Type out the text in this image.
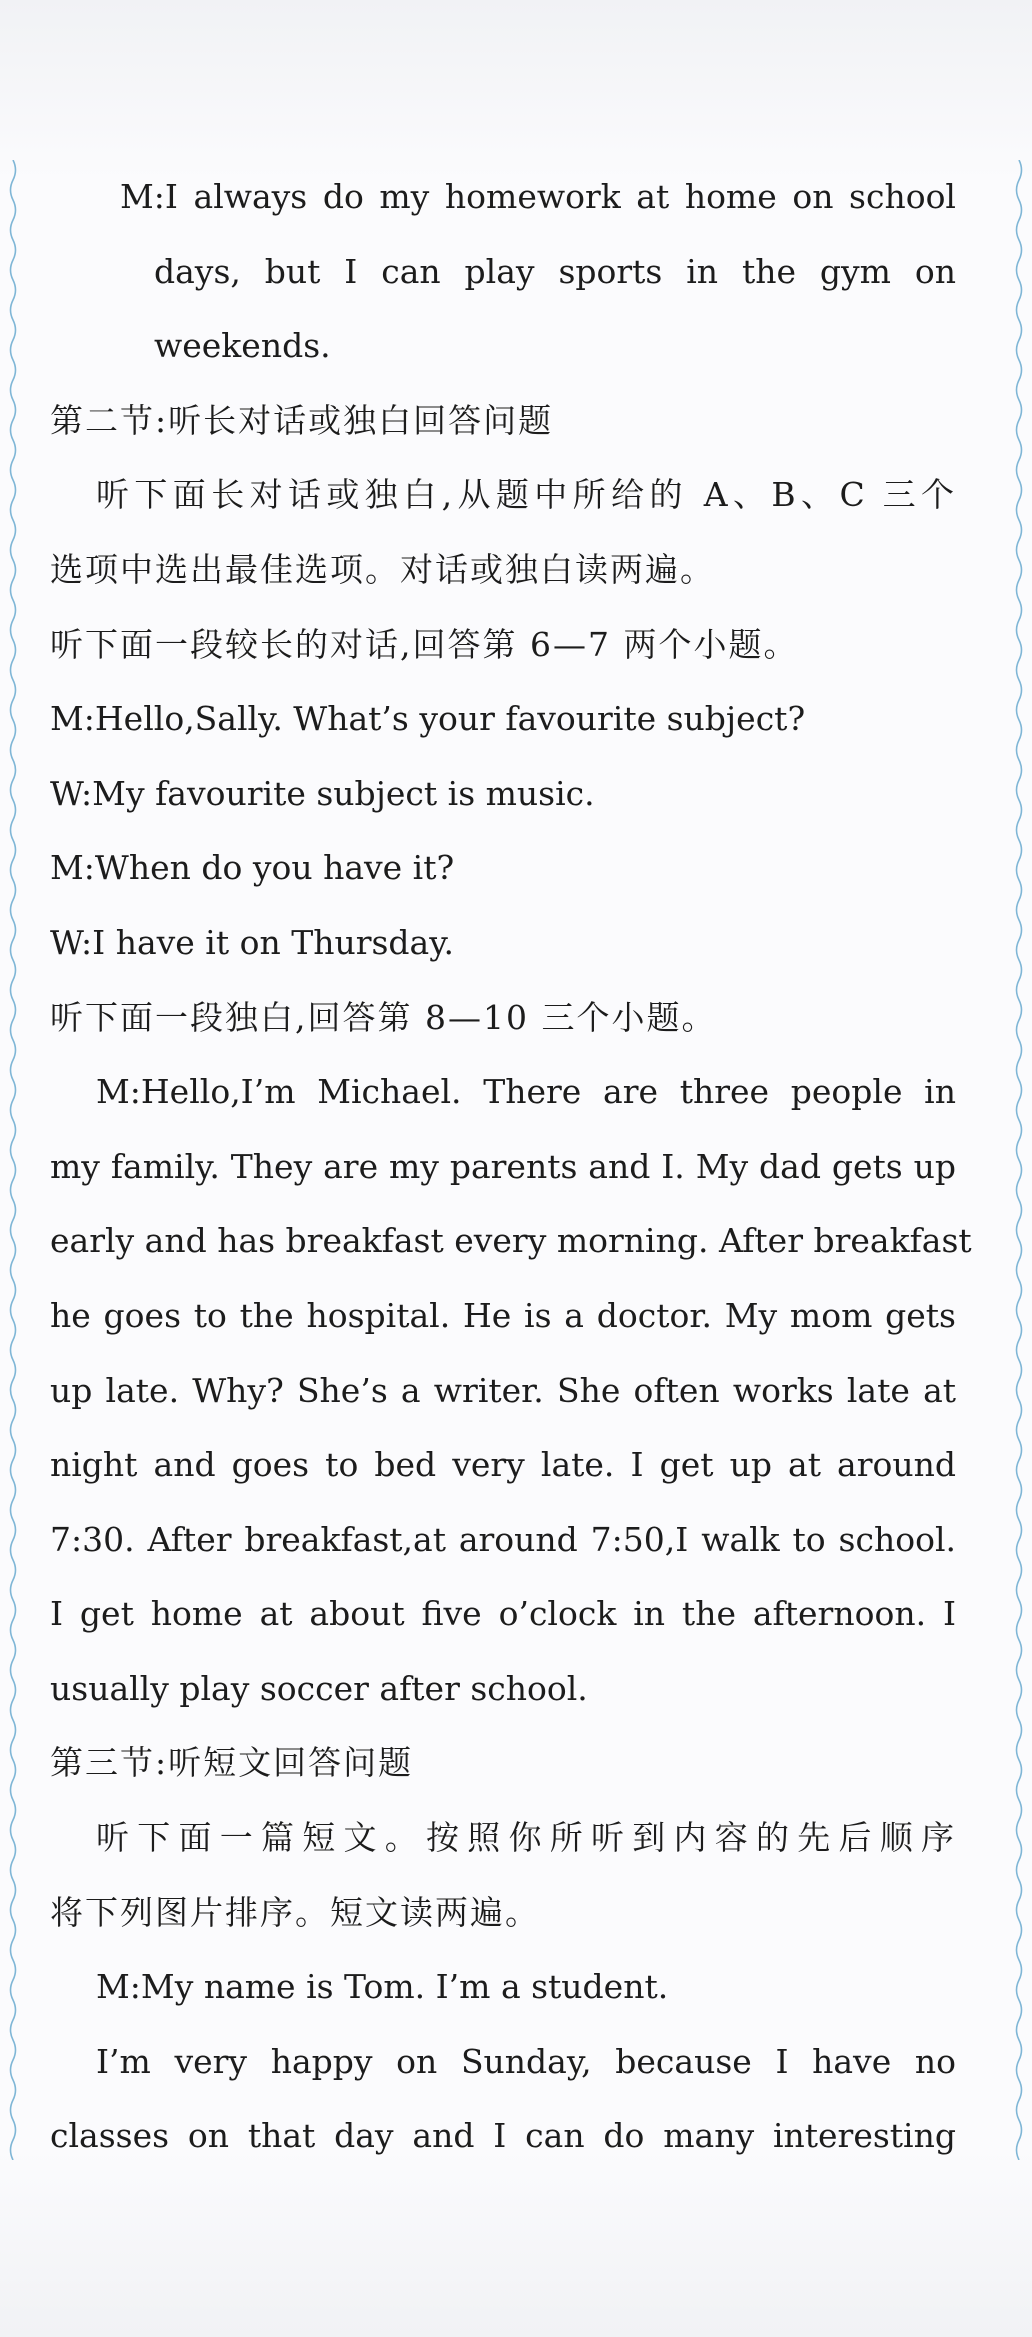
M:I always do my homework at home on school
days, but I can play sports in the gym on
weekends.
第二节:听长对话或独白回答问题
听下面长对话或独白,从题中所给的 A、B、C 三个
选项中选出最佳选项。对话或独白读两遍。
听下面一段较长的对话,回答第 6—7 两个小题。
M:Hello,Sally. What’s your favourite subject?
W:My favourite subject is music.
M:When do you have it?
W:I have it on Thursday.
听下面一段独白,回答第 8—10 三个小题。
M:Hello,I’m Michael. There are three people in
my family. They are my parents and I. My dad gets up
early and has breakfast every morning. After breakfast
he goes to the hospital. He is a doctor. My mom gets
up late. Why? She’s a writer. She often works late at
night and goes to bed very late. I get up at around
7:30. After breakfast,at around 7:50,I walk to school.
I get home at about five o’clock in the afternoon. I
usually play soccer after school.
第三节:听短文回答问题
听下面一篇短文。按照你所听到内容的先后顺序
将下列图片排序。短文读两遍。
M:My name is Tom. I’m a student.
I’m very happy on Sunday, because I have no
classes on that day and I can do many interesting
